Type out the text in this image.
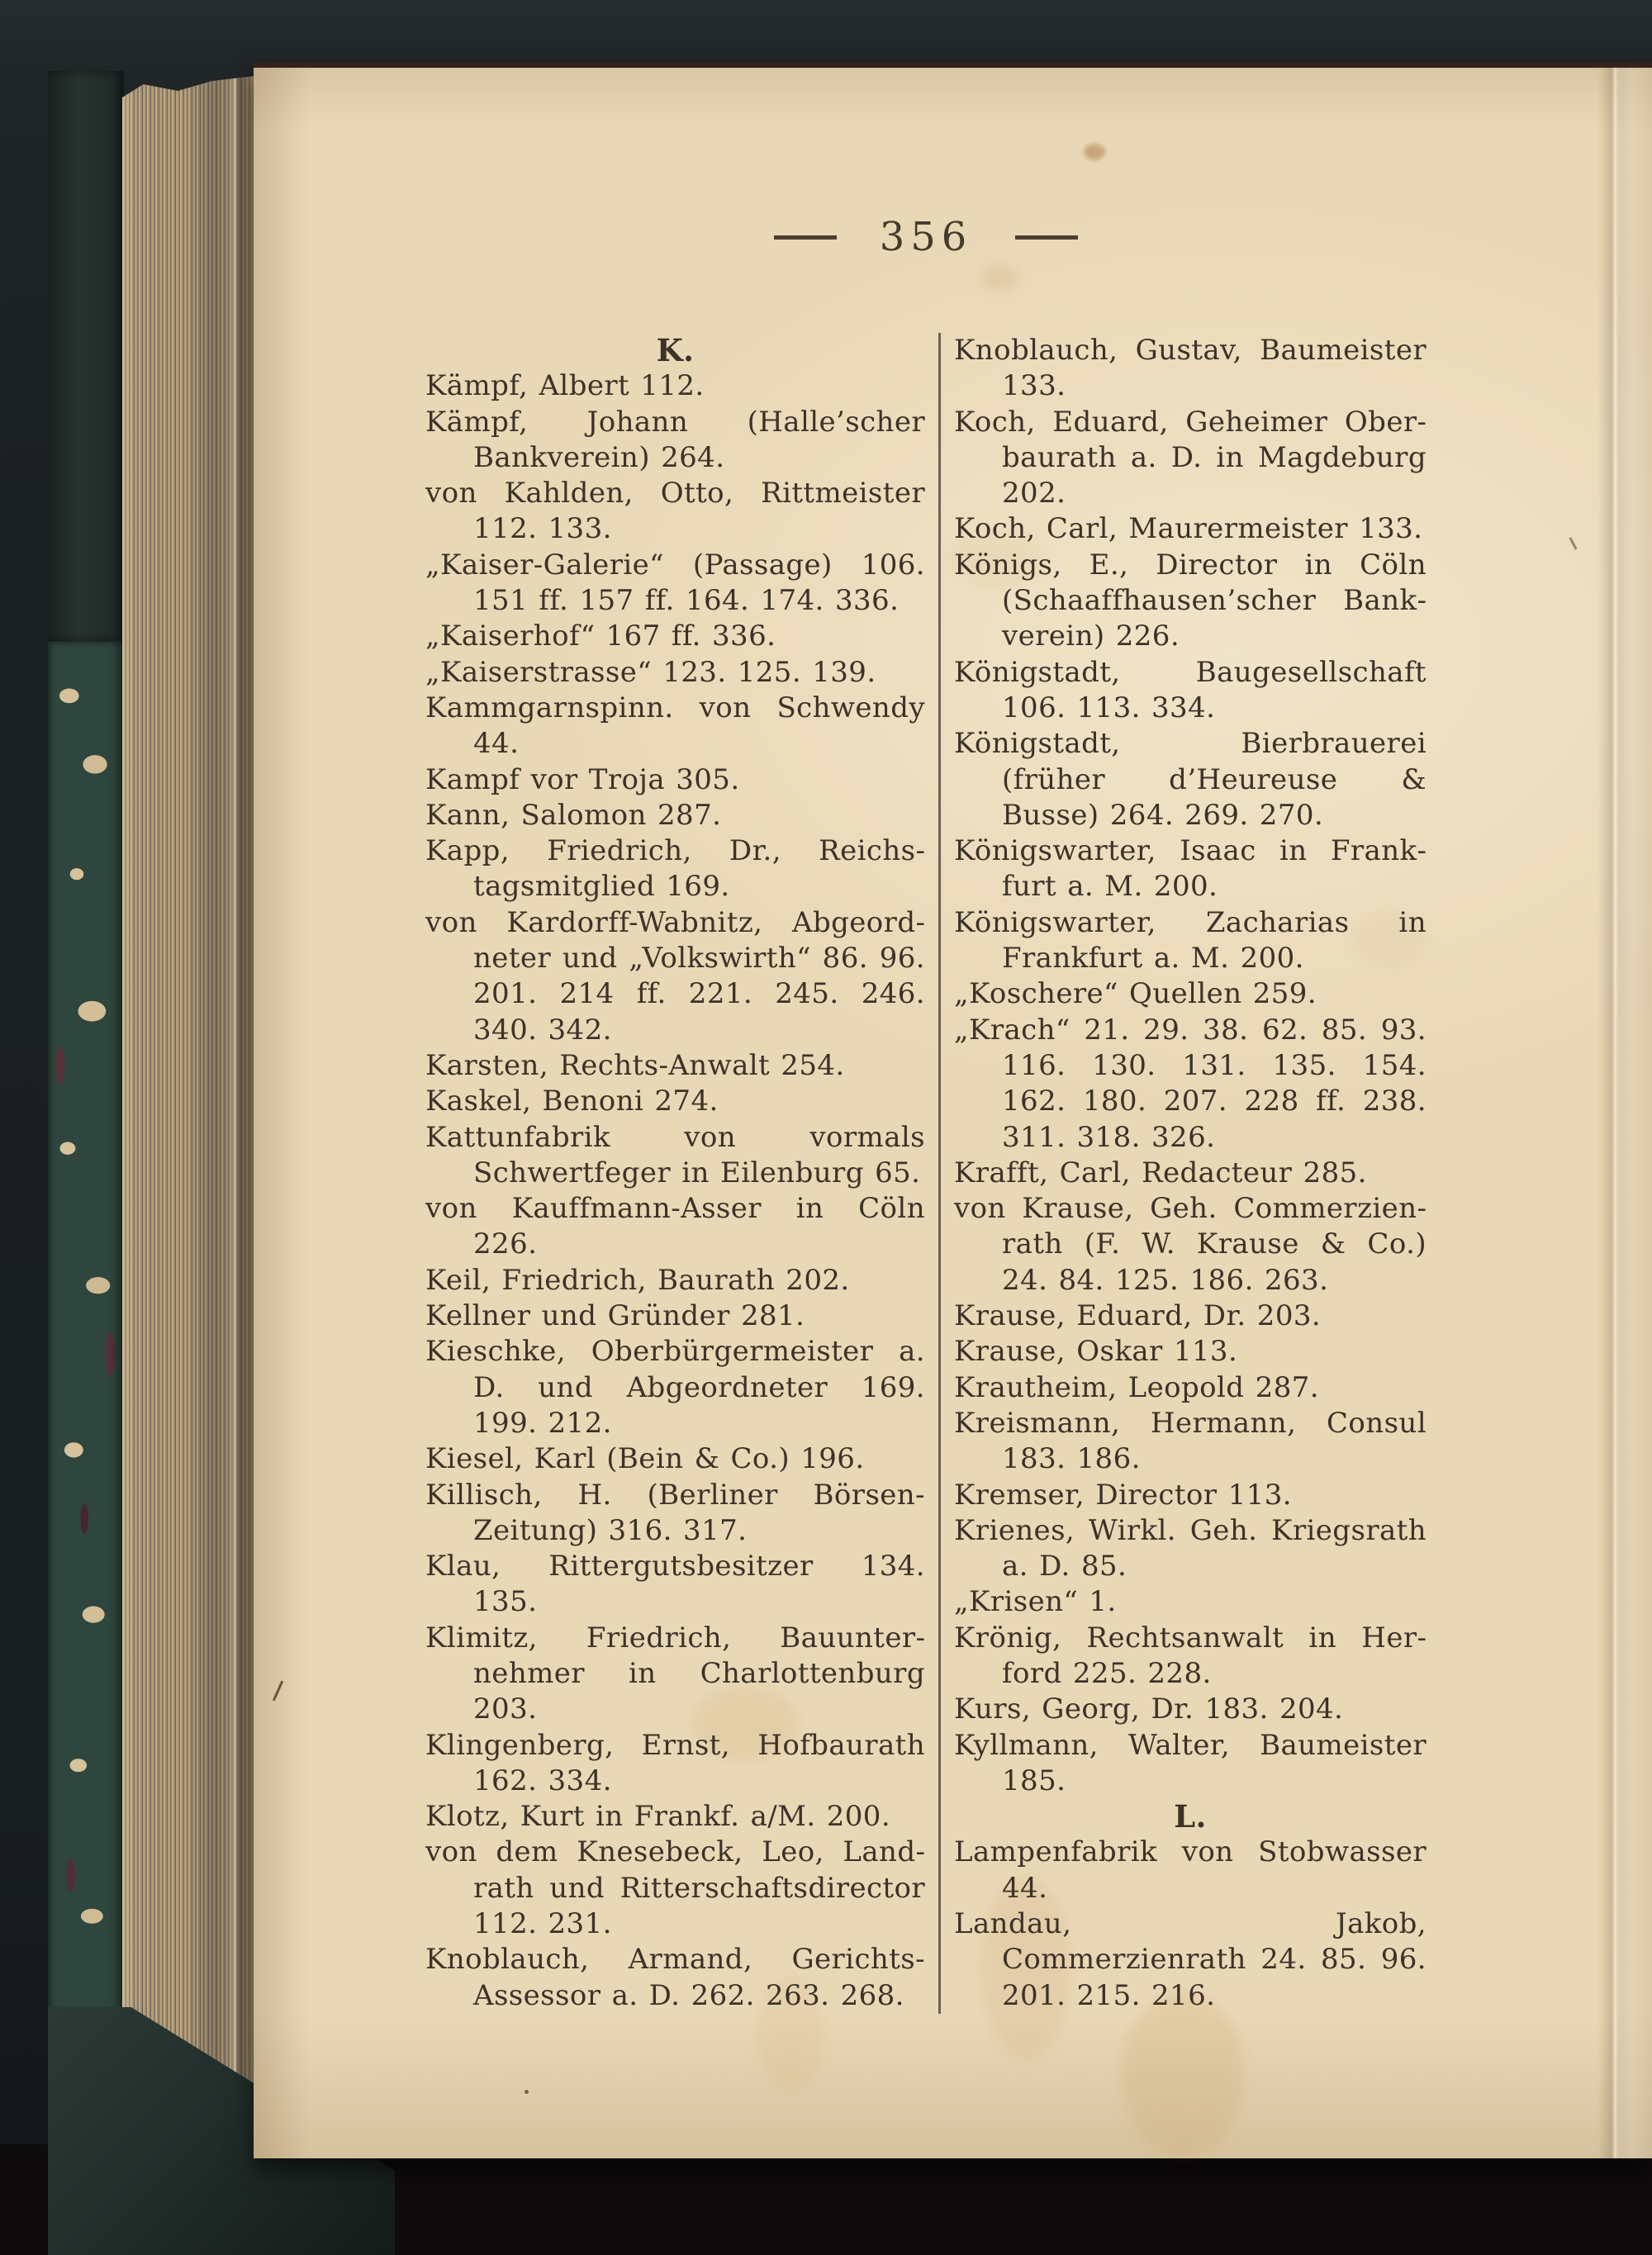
356
K.
Kämpf, Albert 112.
Kämpf, Johann (Halle’scher Bankverein) 264.
von Kahlden, Otto, Rittmeister 112. 133.
„Kaiser-Galerie“ (Passage) 106. 151 ff. 157 ff. 164. 174. 336.
„Kaiserhof“ 167 ff. 336.
„Kaiserstrasse“ 123. 125. 139.
Kammgarnspinn. von Schwendy 44.
Kampf vor Troja 305.
Kann, Salomon 287.
Kapp, Friedrich, Dr., Reichstagsmitglied 169.
von Kardorff-Wabnitz, Abgeordneter und „Volkswirth“ 86. 96. 201. 214 ff. 221. 245. 246. 340. 342.
Karsten, Rechts-Anwalt 254.
Kaskel, Benoni 274.
Kattunfabrik von vormals Schwertfeger in Eilenburg 65.
von Kauffmann-Asser in Cöln 226.
Keil, Friedrich, Baurath 202.
Kellner und Gründer 281.
Kieschke, Oberbürgermeister a. D. und Abgeordneter 169. 199. 212.
Kiesel, Karl (Bein & Co.) 196.
Killisch, H. (Berliner Börsen-Zeitung) 316. 317.
Klau, Rittergutsbesitzer 134. 135.
Klimitz, Friedrich, Bauunternehmer in Charlottenburg 203.
Klingenberg, Ernst, Hofbaurath 162. 334.
Klotz, Kurt in Frankf. a/M. 200.
von dem Knesebeck, Leo, Landrath und Ritterschaftsdirector 112. 231.
Knoblauch, Armand, Gerichts-Assessor a. D. 262. 263. 268.
Knoblauch, Gustav, Baumeister 133.
Koch, Eduard, Geheimer Oberbaurath a. D. in Magdeburg 202.
Koch, Carl, Maurermeister 133.
Königs, E., Director in Cöln (Schaaffhausen’scher Bankverein) 226.
Königstadt, Baugesellschaft 106. 113. 334.
Königstadt, Bierbrauerei (früher d’Heureuse & Busse) 264. 269. 270.
Königswarter, Isaac in Frankfurt a. M. 200.
Königswarter, Zacharias in Frankfurt a. M. 200.
„Koschere“ Quellen 259.
„Krach“ 21. 29. 38. 62. 85. 93. 116. 130. 131. 135. 154. 162. 180. 207. 228 ff. 238. 311. 318. 326.
Krafft, Carl, Redacteur 285.
von Krause, Geh. Commerzienrath (F. W. Krause & Co.) 24. 84. 125. 186. 263.
Krause, Eduard, Dr. 203.
Krause, Oskar 113.
Krautheim, Leopold 287.
Kreismann, Hermann, Consul 183. 186.
Kremser, Director 113.
Krienes, Wirkl. Geh. Kriegsrath a. D. 85.
„Krisen“ 1.
Krönig, Rechtsanwalt in Herford 225. 228.
Kurs, Georg, Dr. 183. 204.
Kyllmann, Walter, Baumeister 185.
L.
Lampenfabrik von Stobwasser 44.
Landau, Jakob, Commerzienrath 24. 85. 96. 201. 215. 216.
